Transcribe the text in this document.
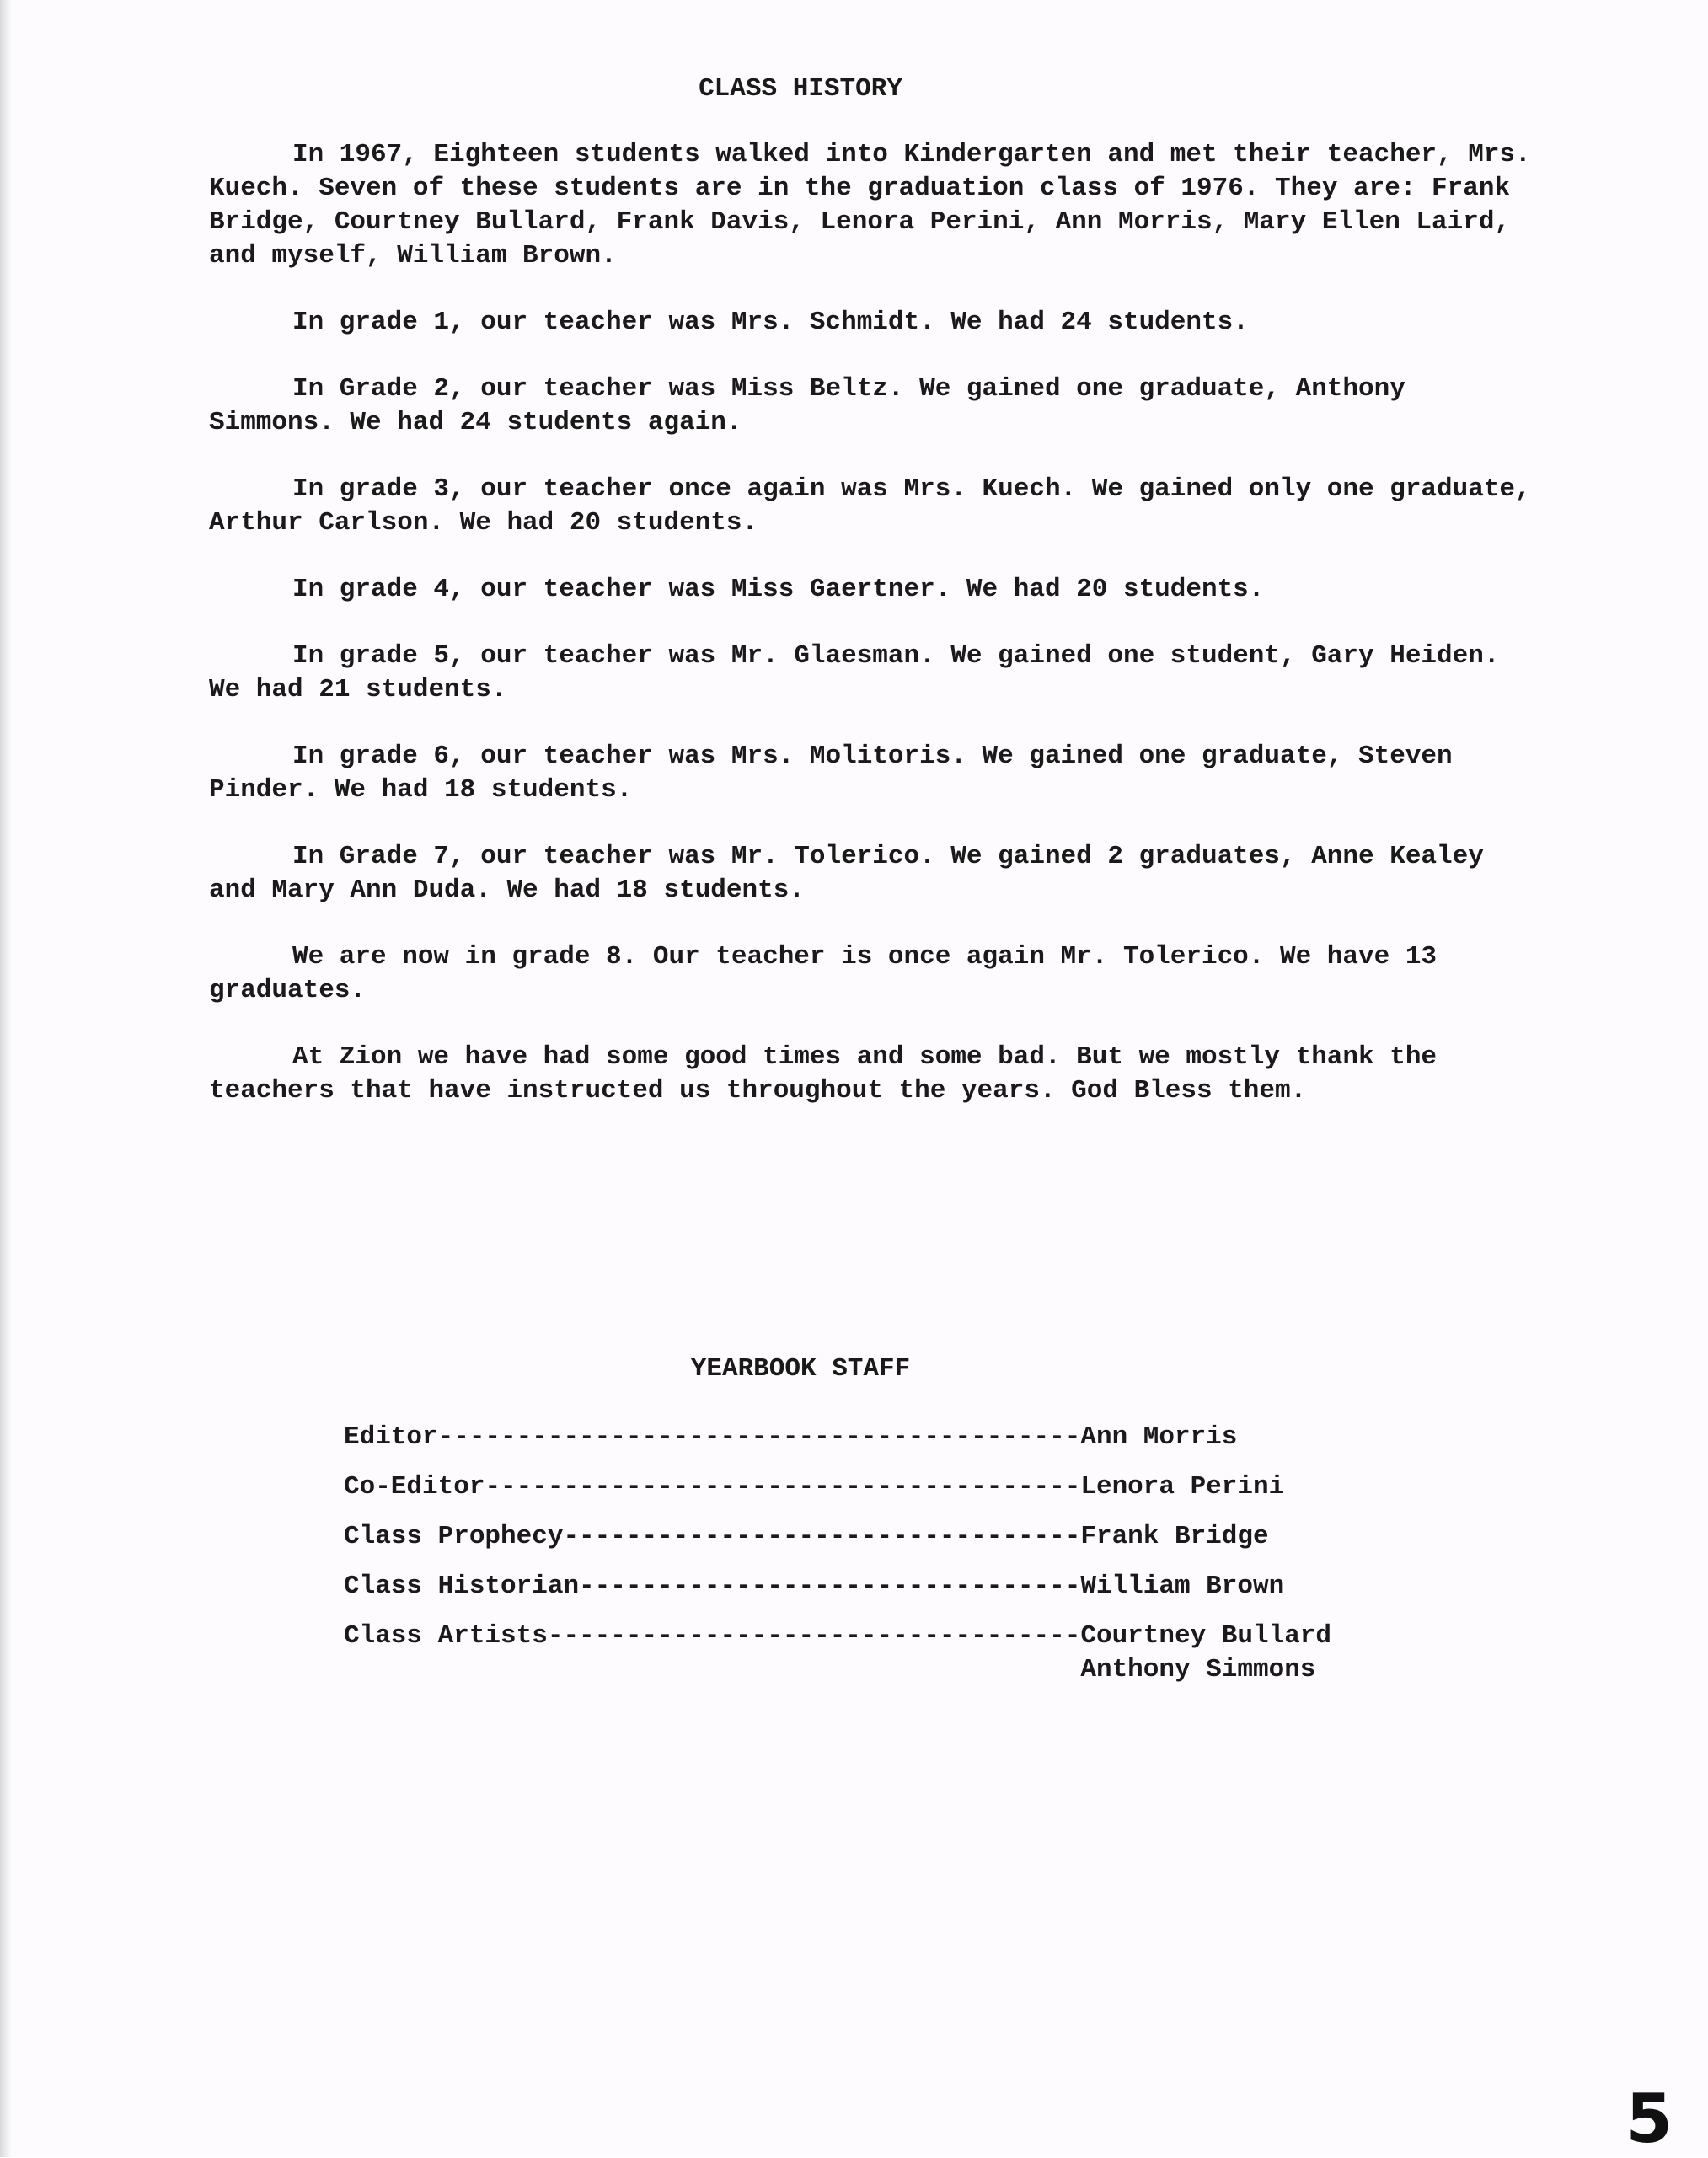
CLASS HISTORY

In 1967, Eighteen students walked into Kindergarten and met their teacher, Mrs. Kuech. Seven of these students are in the graduation class of 1976. They are: Frank Bridge, Courtney Bullard, Frank Davis, Lenora Perini, Ann Morris, Mary Ellen Laird, and myself, William Brown.

In grade 1, our teacher was Mrs. Schmidt. We had 24 students.

In Grade 2, our teacher was Miss Beltz. We gained one graduate, Anthony Simmons. We had 24 students again.

In grade 3, our teacher once again was Mrs. Kuech. We gained only one graduate, Arthur Carlson. We had 20 students.

In grade 4, our teacher was Miss Gaertner. We had 20 students.

In grade 5, our teacher was Mr. Glaesman. We gained one student, Gary Heiden. We had 21 students.

In grade 6, our teacher was Mrs. Molitoris. We gained one graduate, Steven Pinder. We had 18 students.

In Grade 7, our teacher was Mr. Tolerico. We gained 2 graduates, Anne Kealey and Mary Ann Duda. We had 18 students.

We are now in grade 8. Our teacher is once again Mr. Tolerico. We have 13 graduates.

At Zion we have had some good times and some bad. But we mostly thank the teachers that have instructed us throughout the years. God Bless them.

YEARBOOK STAFF
Editor ----------------------------------------- Ann Morris
Co-Editor -------------------------------------- Lenora Perini
Class Prophecy --------------------------------- Frank Bridge
Class Historian -------------------------------- William Brown
Class Artists ---------------------------------- Courtney Bullard
Anthony Simmons
5
